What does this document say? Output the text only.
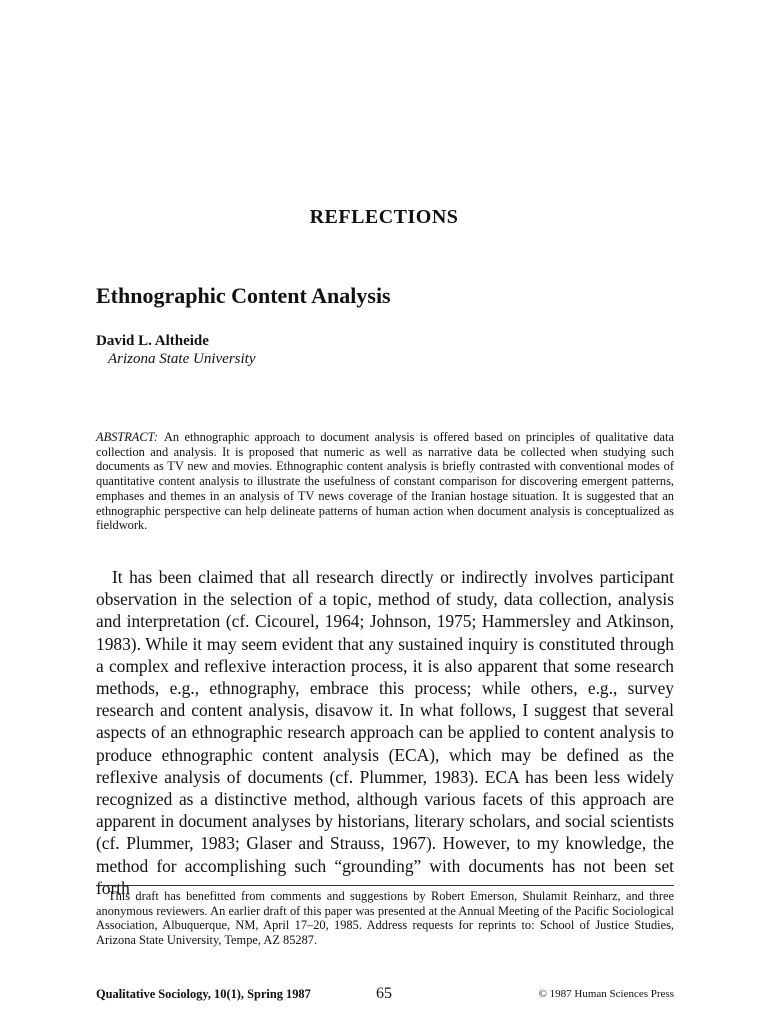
REFLECTIONS
Ethnographic Content Analysis
David L. Altheide
Arizona State University
ABSTRACT: An ethnographic approach to document analysis is offered based on principles of qualitative data collection and analysis. It is proposed that numeric as well as narrative data be collected when studying such documents as TV new and movies. Ethnographic content analysis is briefly contrasted with conventional modes of quantitative content analysis to illustrate the usefulness of constant comparison for discovering emergent patterns, emphases and themes in an analysis of TV news coverage of the Iranian hostage situation. It is suggested that an ethnographic perspective can help delineate patterns of human action when document analysis is conceptualized as fieldwork.

It has been claimed that all research directly or indirectly involves participant observation in the selection of a topic, method of study, data collection, analysis and interpretation (cf. Cicourel, 1964; Johnson, 1975; Hammersley and Atkinson, 1983). While it may seem evident that any sustained inquiry is constituted through a complex and reflexive interaction process, it is also apparent that some research methods, e.g., ethnography, embrace this process; while others, e.g., survey research and content analysis, disavow it. In what follows, I suggest that several aspects of an ethnographic research approach can be applied to content analysis to produce ethnographic content analysis (ECA), which may be defined as the reflexive analysis of documents (cf. Plummer, 1983). ECA has been less widely recognized as a distinctive method, although various facets of this approach are apparent in document analyses by historians, literary scholars, and social scientists (cf. Plummer, 1983; Glaser and Strauss, 1967). However, to my knowledge, the method for accomplishing such “grounding” with documents has not been set forth

This draft has benefitted from comments and suggestions by Robert Emerson, Shulamit Reinharz, and three anonymous reviewers. An earlier draft of this paper was presented at the Annual Meeting of the Pacific Sociological Association, Albuquerque, NM, April 17–20, 1985. Address requests for reprints to: School of Justice Studies, Arizona State University, Tempe, AZ 85287.

Qualitative Sociology, 10(1), Spring 1987	65	© 1987 Human Sciences Press
